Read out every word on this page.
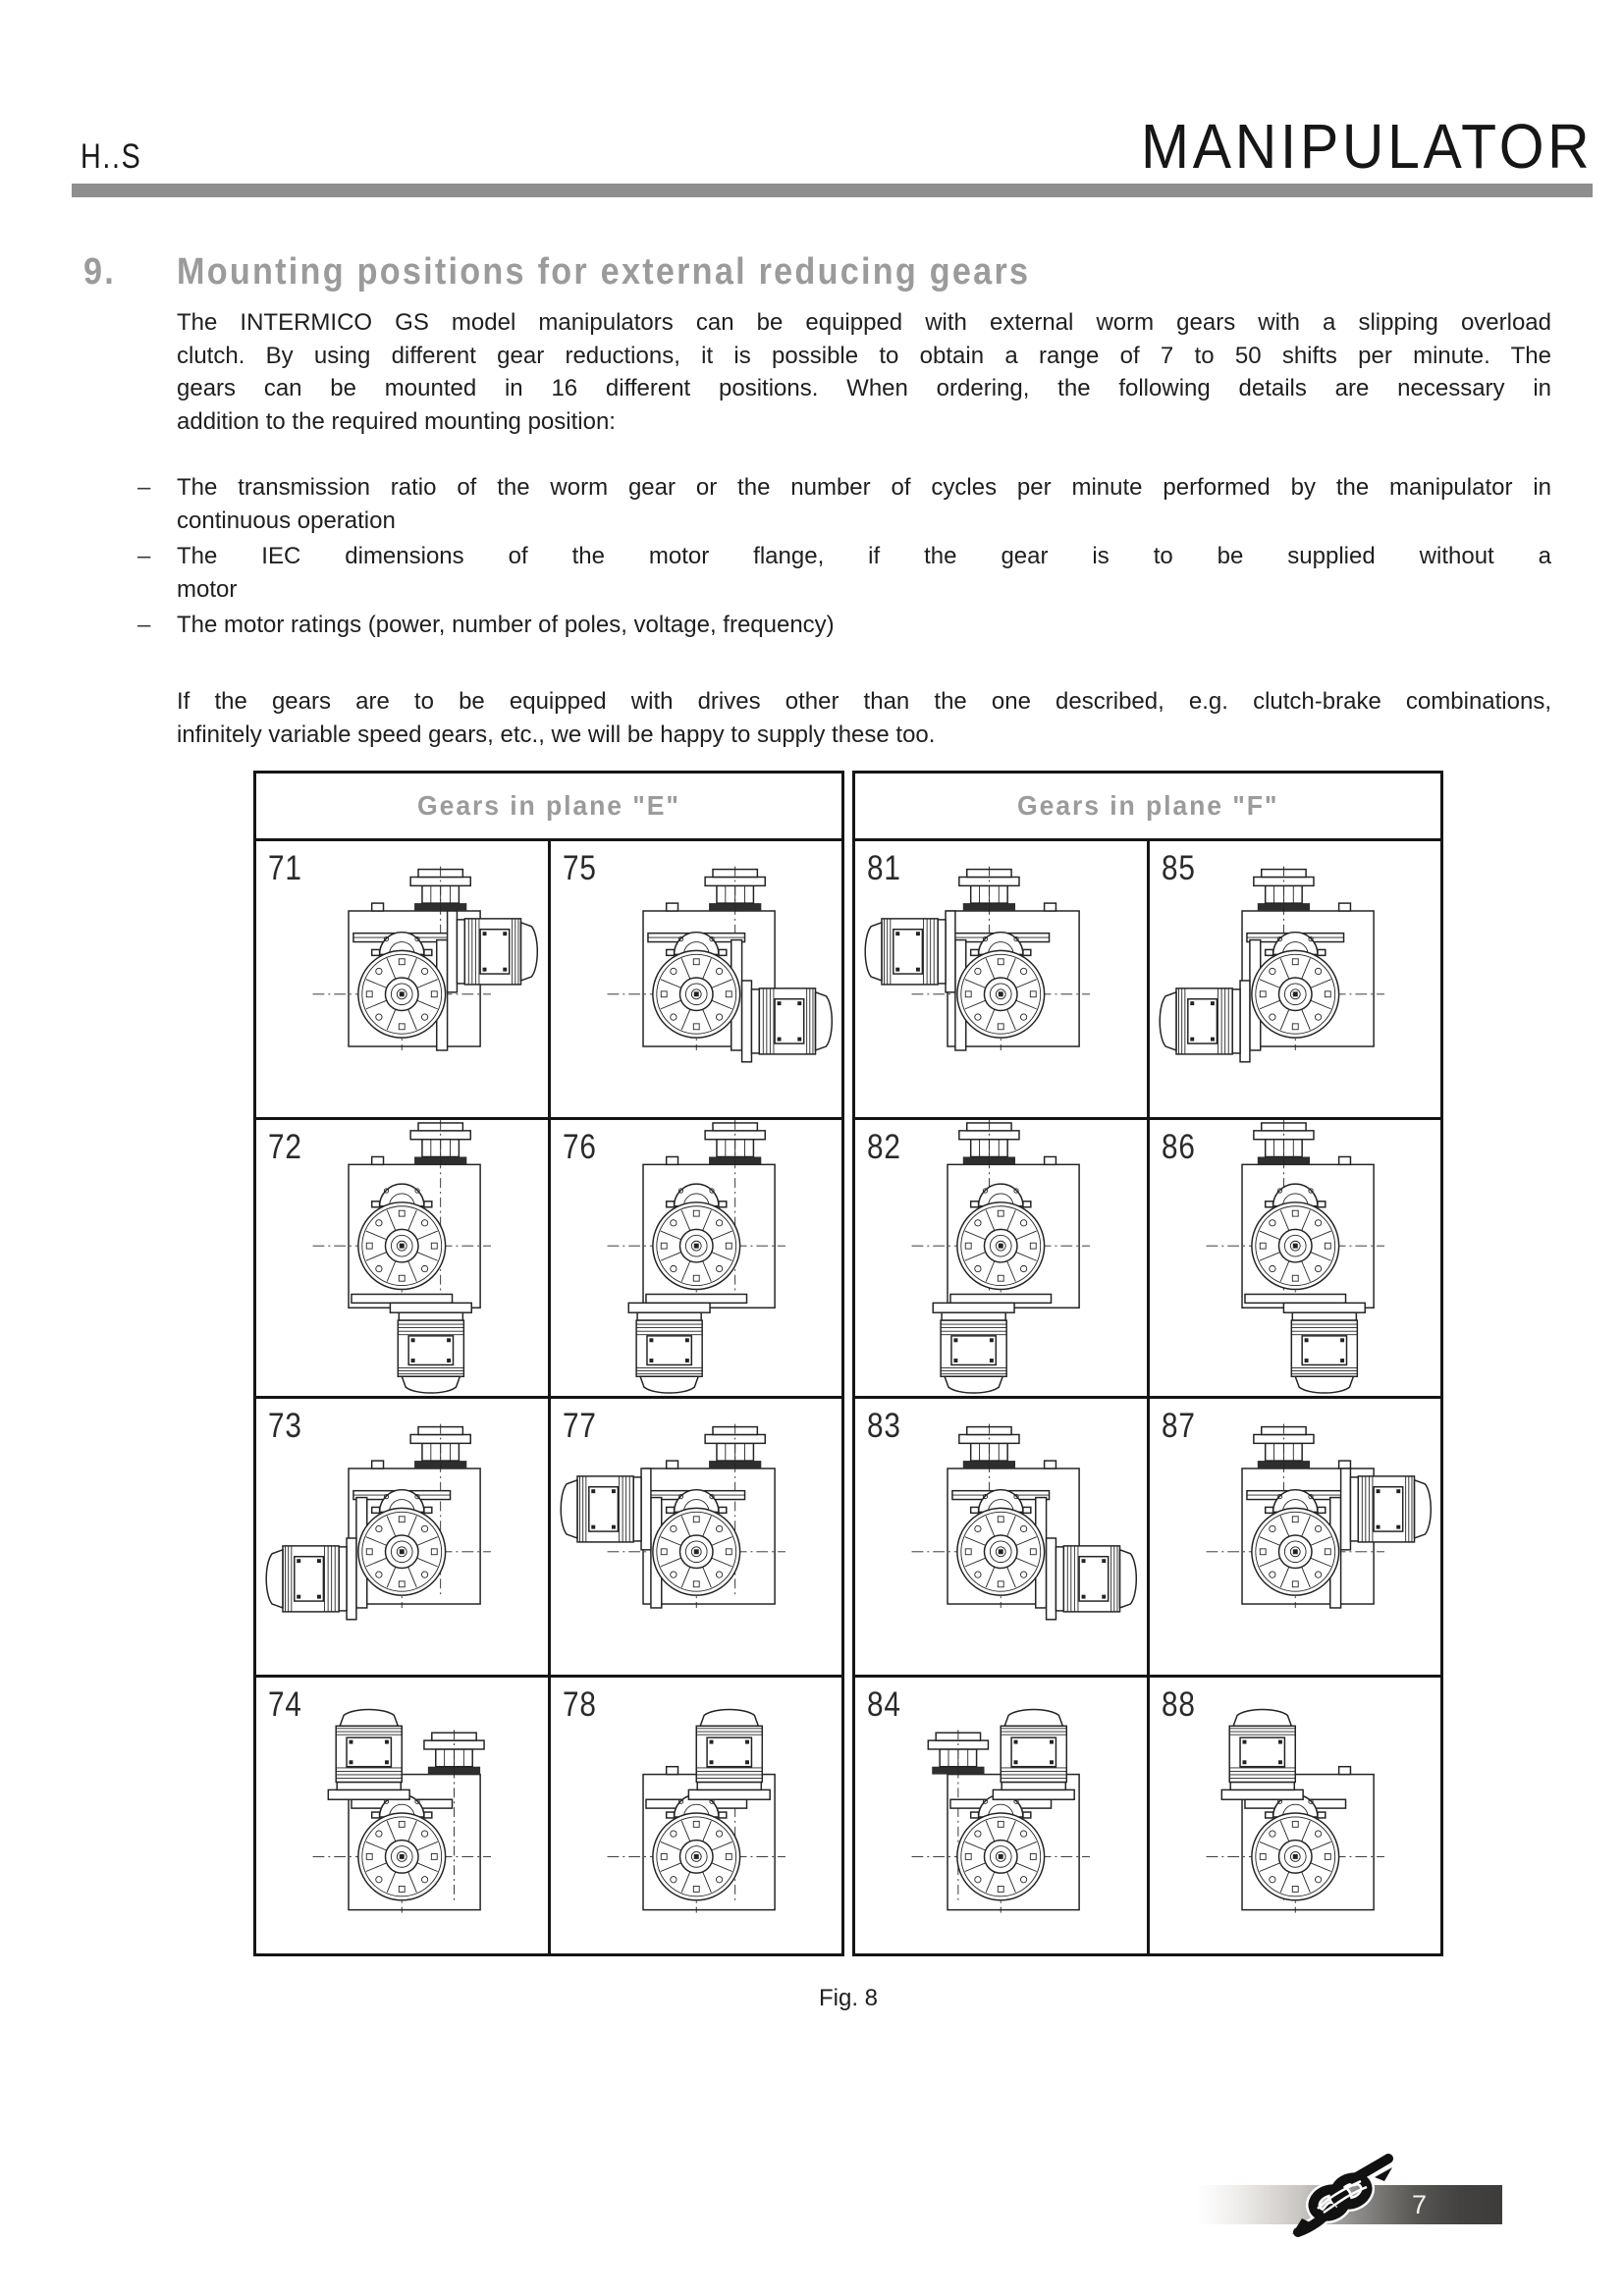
H..S	MANIPULATOR
9. Mounting positions for external reducing gears
The INTERMICO GS model manipulators can be equipped with external worm gears with a slipping overload
clutch. By using different gear reductions, it is possible to obtain a range of 7 to 50 shifts per minute. The
gears can be mounted in 16 different positions. When ordering, the following details are necessary in
addition to the required mounting position:
– The transmission ratio of the worm gear or the number of cycles per minute performed by the manipulator in
continuous operation
– The IEC dimensions of the motor flange, if the gear is to be supplied without a
motor
– The motor ratings (power, number of poles, voltage, frequency)
If the gears are to be equipped with drives other than the one described, e.g. clutch-brake combinations,
infinitely variable speed gears, etc., we will be happy to supply these too.
Gears in plane "E"
71	75
72	76
73	77
74	78
Gears in plane "F"
81	85
82	86
83	87
84	88
Fig. 8
7
